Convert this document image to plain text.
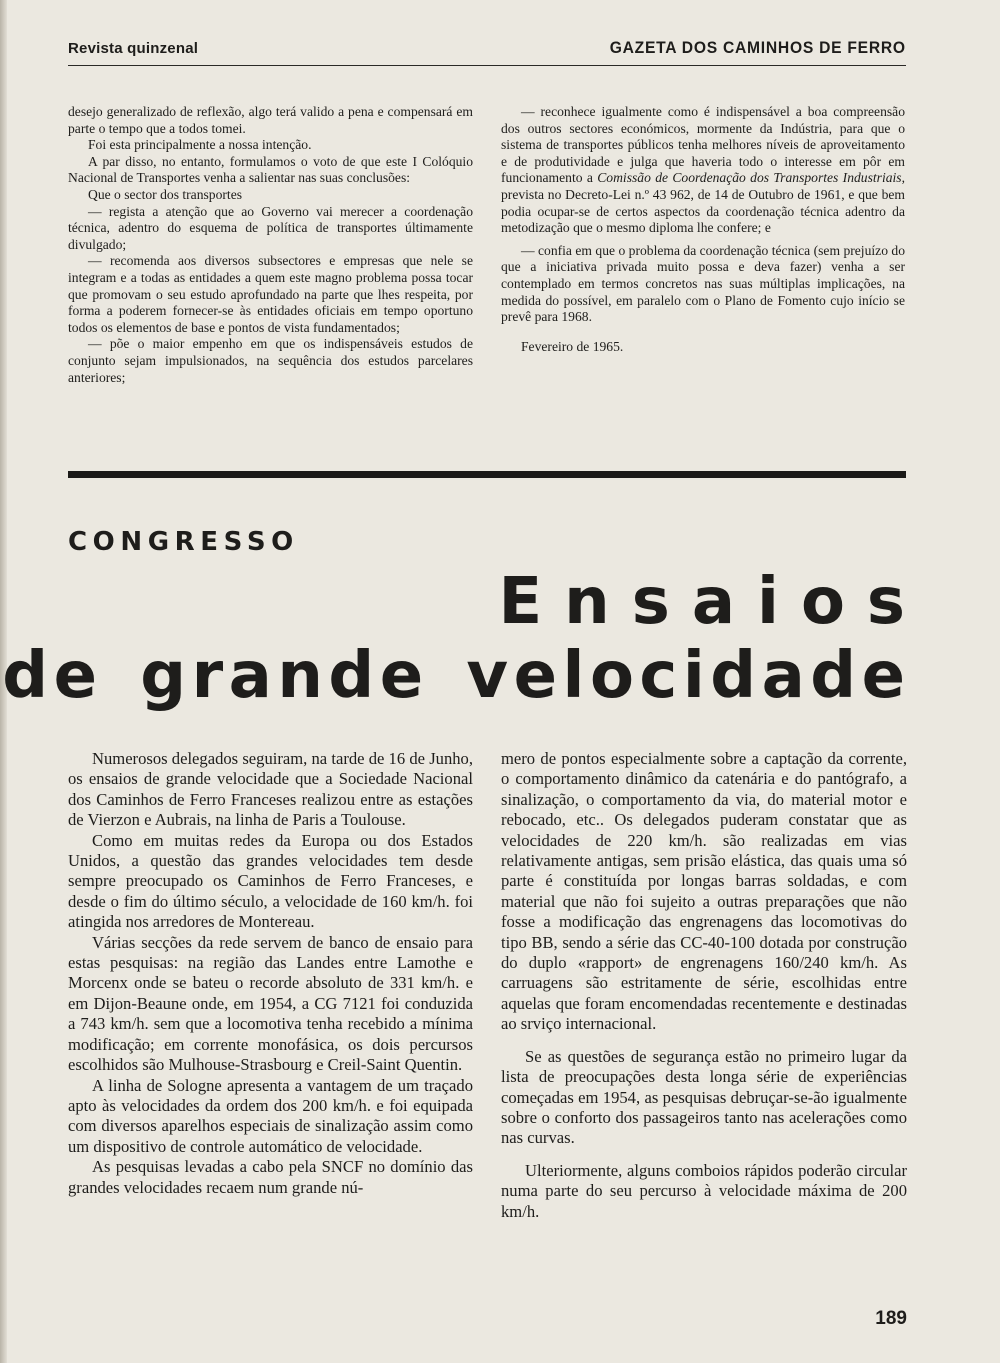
Revista quinzenal	GAZETA DOS CAMINHOS DE FERRO

desejo generalizado de reflexão, algo terá valido a pena e compensará em parte o tempo que a todos tomei.

Foi esta principalmente a nossa intenção.

A par disso, no entanto, formulamos o voto de que este I Colóquio Nacional de Transportes venha a salientar nas suas conclusões:

Que o sector dos transportes

— regista a atenção que ao Governo vai merecer a coordenação técnica, adentro do esquema de política de transportes últimamente divulgado;

— recomenda aos diversos subsectores e empresas que nele se integram e a todas as entidades a quem este magno problema possa tocar que promovam o seu estudo aprofundado na parte que lhes respeita, por forma a poderem fornecer-se às entidades oficiais em tempo oportuno todos os elementos de base e pontos de vista fundamentados;

— põe o maior empenho em que os indispensáveis estudos de conjunto sejam impulsionados, na sequência dos estudos parcelares anteriores;

— reconhece igualmente como é indispensável a boa compreensão dos outros sectores económicos, mormente da Indústria, para que o sistema de transportes públicos tenha melhores níveis de aproveitamento e de produtividade e julga que haveria todo o interesse em pôr em funcionamento a Comissão de Coordenação dos Transportes Industriais, prevista no Decreto-Lei n.º 43 962, de 14 de Outubro de 1961, e que bem podia ocupar-se de certos aspectos da coordenação técnica adentro da metodização que o mesmo diploma lhe confere; e

— confia em que o problema da coordenação técnica (sem prejuízo do que a iniciativa privada muito possa e deva fazer) venha a ser contemplado em termos concretos nas suas múltiplas implicações, na medida do possível, em paralelo com o Plano de Fomento cujo início se prevê para 1968.

Fevereiro de 1965.

CONGRESSO
Ensaios
de grande velocidade

Numerosos delegados seguiram, na tarde de 16 de Junho, os ensaios de grande velocidade que a Sociedade Nacional dos Caminhos de Ferro Franceses realizou entre as estações de Vierzon e Aubrais, na linha de Paris a Toulouse.

Como em muitas redes da Europa ou dos Estados Unidos, a questão das grandes velocidades tem desde sempre preocupado os Caminhos de Ferro Franceses, e desde o fim do último século, a velocidade de 160 km/h. foi atingida nos arredores de Montereau.

Várias secções da rede servem de banco de ensaio para estas pesquisas: na região das Landes entre Lamothe e Morcenx onde se bateu o recorde absoluto de 331 km/h. e em Dijon-Beaune onde, em 1954, a CG 7121 foi conduzida a 743 km/h. sem que a locomotiva tenha recebido a mínima modificação; em corrente monofásica, os dois percursos escolhidos são Mulhouse-Strasbourg e Creil-Saint Quentin.

A linha de Sologne apresenta a vantagem de um traçado apto às velocidades da ordem dos 200 km/h. e foi equipada com diversos aparelhos especiais de sinalização assim como um dispositivo de controle automático de velocidade.

As pesquisas levadas a cabo pela SNCF no domínio das grandes velocidades recaem num grande nú-

mero de pontos especialmente sobre a captação da corrente, o comportamento dinâmico da catenária e do pantógrafo, a sinalização, o comportamento da via, do material motor e rebocado, etc.. Os delegados puderam constatar que as velocidades de 220 km/h. são realizadas em vias relativamente antigas, sem prisão elástica, das quais uma só parte é constituída por longas barras soldadas, e com material que não foi sujeito a outras preparações que não fosse a modificação das engrenagens das locomotivas do tipo BB, sendo a série das CC-40-100 dotada por construção do duplo «rapport» de engrenagens 160/240 km/h. As carruagens são estritamente de série, escolhidas entre aquelas que foram encomendadas recentemente e destinadas ao srviço internacional.

Se as questões de segurança estão no primeiro lugar da lista de preocupações desta longa série de experiências começadas em 1954, as pesquisas debruçar-se-ão igualmente sobre o conforto dos passageiros tanto nas acelerações como nas curvas.

Ulteriormente, alguns comboios rápidos poderão circular numa parte do seu percurso à velocidade máxima de 200 km/h.

189
